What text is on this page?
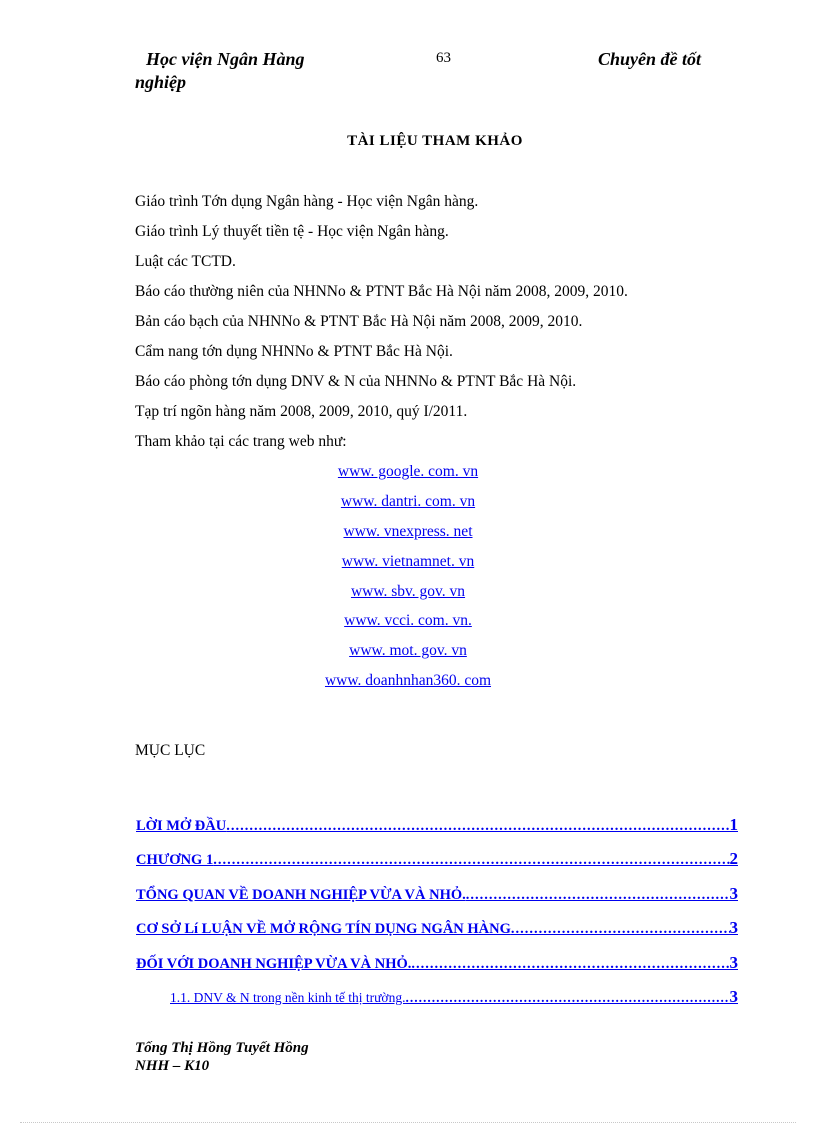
Học viện Ngân Hàng	63	Chuyên đề tốt
nghiệp
TÀI LIỆU THAM KHẢO
Giáo trình Tớn dụng Ngân hàng - Học viện Ngân hàng.
Giáo trình Lý thuyết tiền tệ - Học viện Ngân hàng.
Luật các TCTD.
Báo cáo thường niên của NHNNo & PTNT Bắc Hà Nội năm 2008, 2009, 2010.
Bản cáo bạch của NHNNo & PTNT Bắc Hà Nội năm 2008, 2009, 2010.
Cẩm nang tớn dụng NHNNo & PTNT Bắc Hà Nội.
Báo cáo phòng tớn dụng DNV & N của NHNNo & PTNT Bắc Hà Nội.
Tạp trí ngõn hàng năm 2008, 2009, 2010, quý I/2011.
Tham khảo tại các trang web như:
www. google. com. vn
www. dantri. com. vn
www. vnexpress. net
www. vietnamnet. vn
www. sbv. gov. vn
www. vcci. com. vn.
www. mot. gov. vn
www. doanhnhan360. com
MỤC LỤC
LỜI MỞ ĐẦU .....	1
CHƯƠNG 1 .....	2
TỔNG QUAN VỀ DOANH NGHIỆP VỪA VÀ NHỎ. .....	3
CƠ SỞ Lí LUẬN VỀ MỞ RỘNG TÍN DỤNG NGÂN HÀNG .....	3
ĐỐI VỚI DOANH NGHIỆP VỪA VÀ NHỎ. .....	3
1.1. DNV & N trong nền kinh tế thị trường. .....	3
Tống Thị Hồng Tuyết Hồng
NHH – K10
